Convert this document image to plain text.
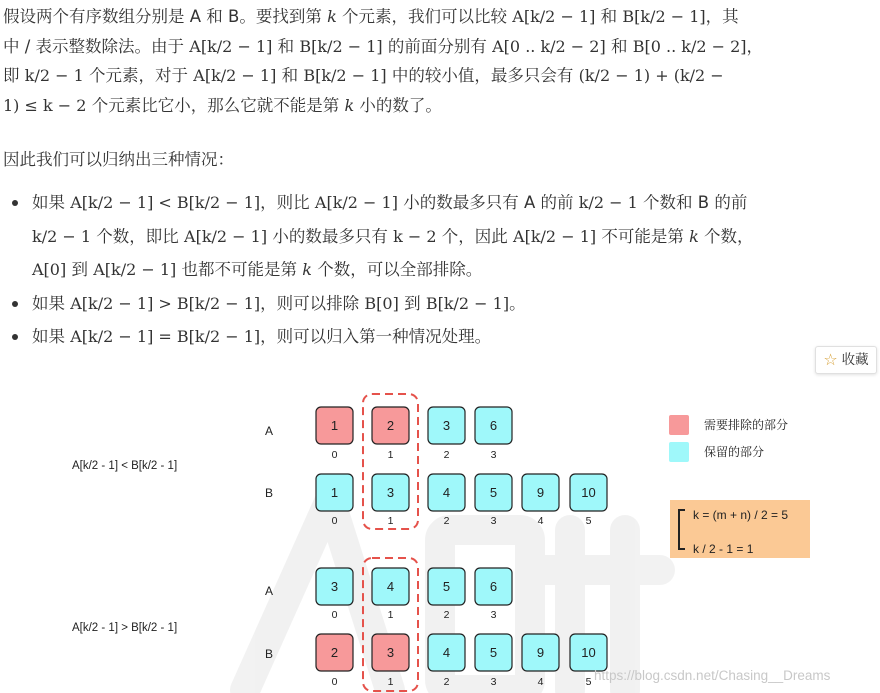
假设两个有序数组分别是 A 和 B。要找到第 k 个元素，我们可以比较 A[k/2 − 1] 和 B[k/2 − 1]，其
中 / 表示整数除法。由于 A[k/2 − 1] 和 B[k/2 − 1] 的前面分别有 A[0 .. k/2 − 2] 和 B[0 .. k/2 − 2]，
即 k/2 − 1 个元素，对于 A[k/2 − 1] 和 B[k/2 − 1] 中的较小值，最多只会有 (k/2 − 1) + (k/2 −
1) ≤ k − 2 个元素比它小，那么它就不能是第 k 小的数了。
因此我们可以归纳出三种情况：
如果 A[k/2 − 1] < B[k/2 − 1]，则比 A[k/2 − 1] 小的数最多只有 A 的前 k/2 − 1 个数和 B 的前
k/2 − 1 个数，即比 A[k/2 − 1] 小的数最多只有 k − 2 个，因此 A[k/2 − 1] 不可能是第 k 个数，
A[0] 到 A[k/2 − 1] 也都不可能是第 k 个数，可以全部排除。
如果 A[k/2 − 1] > B[k/2 − 1]，则可以排除 B[0] 到 B[k/2 − 1]。
如果 A[k/2 − 1] = B[k/2 − 1]，则可以归入第一种情况处理。
☆ 收藏
A[k/2 - 1] < B[k/2 - 1]
A[k/2 - 1] > B[k/2 - 1]
A
B
A
B
1
0
2
1
3
2
6
3
1
0
3
1
4
2
5
3
9
4
10
5
3
0
4
1
5
2
6
3
2
0
3
1
4
2
5
3
9
4
10
5
需要排除的部分
保留的部分
k = (m + n) / 2 = 5
k / 2 - 1 = 1
https://blog.csdn.net/Chasing__Dreams
